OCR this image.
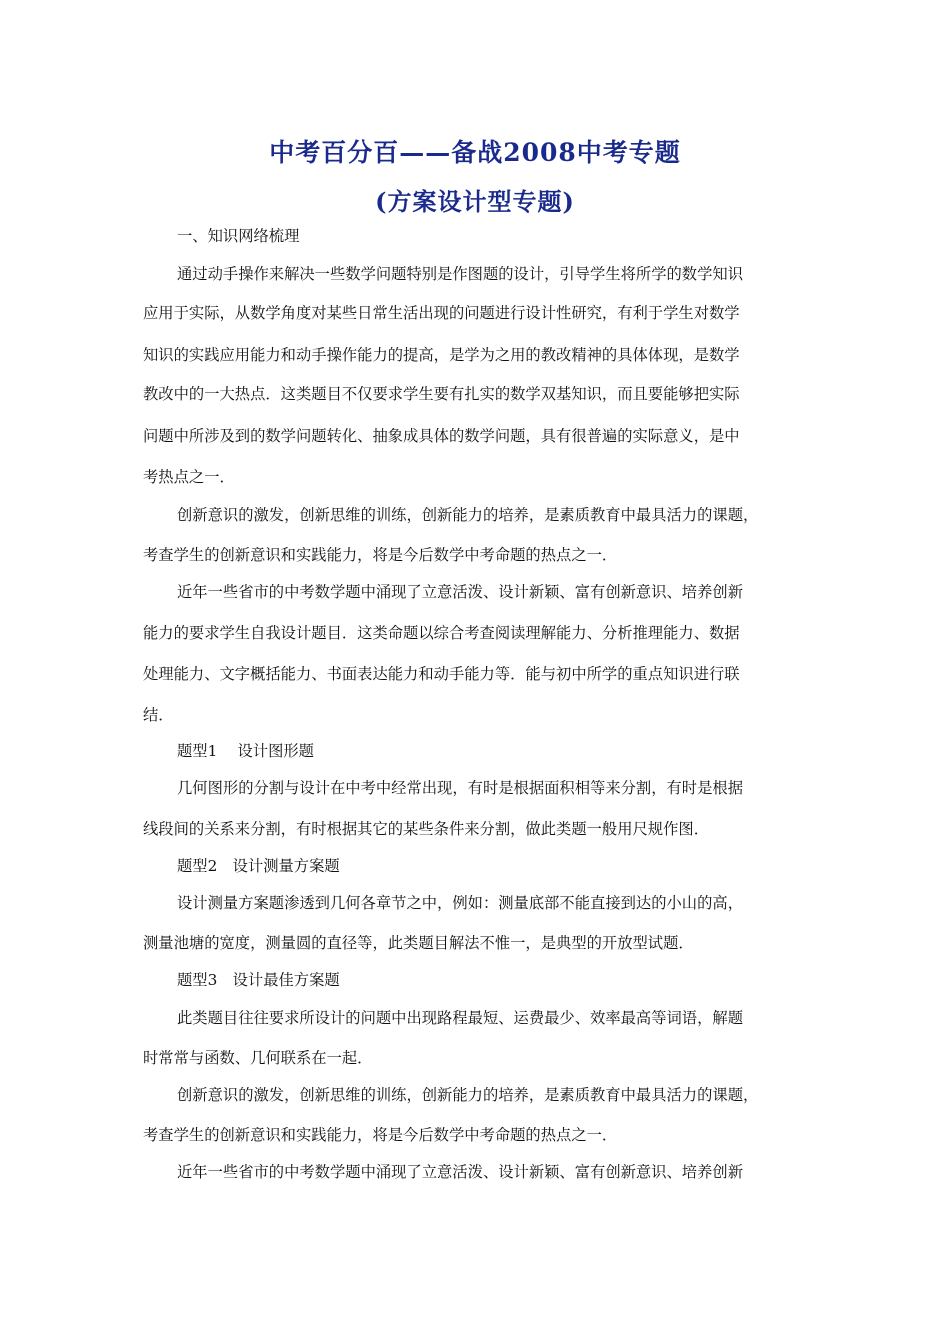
中考百分百——备战2008中考专题
(方案设计型专题)
一、知识网络梳理
通过动手操作来解决一些数学问题特别是作图题的设计，引导学生将所学的数学知识
应用于实际，从数学角度对某些日常生活出现的问题进行设计性研究，有利于学生对数学
知识的实践应用能力和动手操作能力的提高，是学为之用的教改精神的具体体现，是数学
教改中的一大热点．这类题目不仅要求学生要有扎实的数学双基知识，而且要能够把实际
问题中所涉及到的数学问题转化、抽象成具体的数学问题，具有很普遍的实际意义，是中
考热点之一．
创新意识的激发，创新思维的训练，创新能力的培养，是素质教育中最具活力的课题，
考查学生的创新意识和实践能力，将是今后数学中考命题的热点之一．
近年一些省市的中考数学题中涌现了立意活泼、设计新颖、富有创新意识、培养创新
能力的要求学生自我设计题目．这类命题以综合考查阅读理解能力、分析推理能力、数据
处理能力、文字概括能力、书面表达能力和动手能力等．能与初中所学的重点知识进行联
结．
题型1　 设计图形题
几何图形的分割与设计在中考中经常出现，有时是根据面积相等来分割，有时是根据
线段间的关系来分割，有时根据其它的某些条件来分割，做此类题一般用尺规作图．
题型2　设计测量方案题
设计测量方案题渗透到几何各章节之中，例如：测量底部不能直接到达的小山的高，
测量池塘的宽度，测量圆的直径等，此类题目解法不惟一，是典型的开放型试题．
题型3　设计最佳方案题
此类题目往往要求所设计的问题中出现路程最短、运费最少、效率最高等词语，解题
时常常与函数、几何联系在一起．
创新意识的激发，创新思维的训练，创新能力的培养，是素质教育中最具活力的课题，
考查学生的创新意识和实践能力，将是今后数学中考命题的热点之一．
近年一些省市的中考数学题中涌现了立意活泼、设计新颖、富有创新意识、培养创新
